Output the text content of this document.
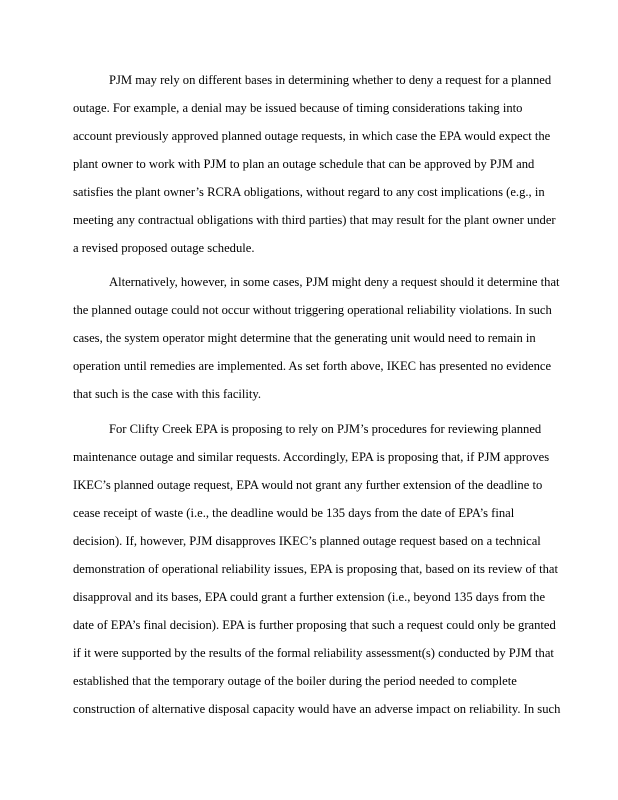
PJM may rely on different bases in determining whether to deny a request for a planned
outage. For example, a denial may be issued because of timing considerations taking into
account previously approved planned outage requests, in which case the EPA would expect the
plant owner to work with PJM to plan an outage schedule that can be approved by PJM and
satisfies the plant owner’s RCRA obligations, without regard to any cost implications (e.g., in
meeting any contractual obligations with third parties) that may result for the plant owner under
a revised proposed outage schedule.
Alternatively, however, in some cases, PJM might deny a request should it determine that
the planned outage could not occur without triggering operational reliability violations. In such
cases, the system operator might determine that the generating unit would need to remain in
operation until remedies are implemented. As set forth above, IKEC has presented no evidence
that such is the case with this facility.
For Clifty Creek EPA is proposing to rely on PJM’s procedures for reviewing planned
maintenance outage and similar requests. Accordingly, EPA is proposing that, if PJM approves
IKEC’s planned outage request, EPA would not grant any further extension of the deadline to
cease receipt of waste (i.e., the deadline would be 135 days from the date of EPA’s final
decision). If, however, PJM disapproves IKEC’s planned outage request based on a technical
demonstration of operational reliability issues, EPA is proposing that, based on its review of that
disapproval and its bases, EPA could grant a further extension (i.e., beyond 135 days from the
date of EPA’s final decision). EPA is further proposing that such a request could only be granted
if it were supported by the results of the formal reliability assessment(s) conducted by PJM that
established that the temporary outage of the boiler during the period needed to complete
construction of alternative disposal capacity would have an adverse impact on reliability. In such
